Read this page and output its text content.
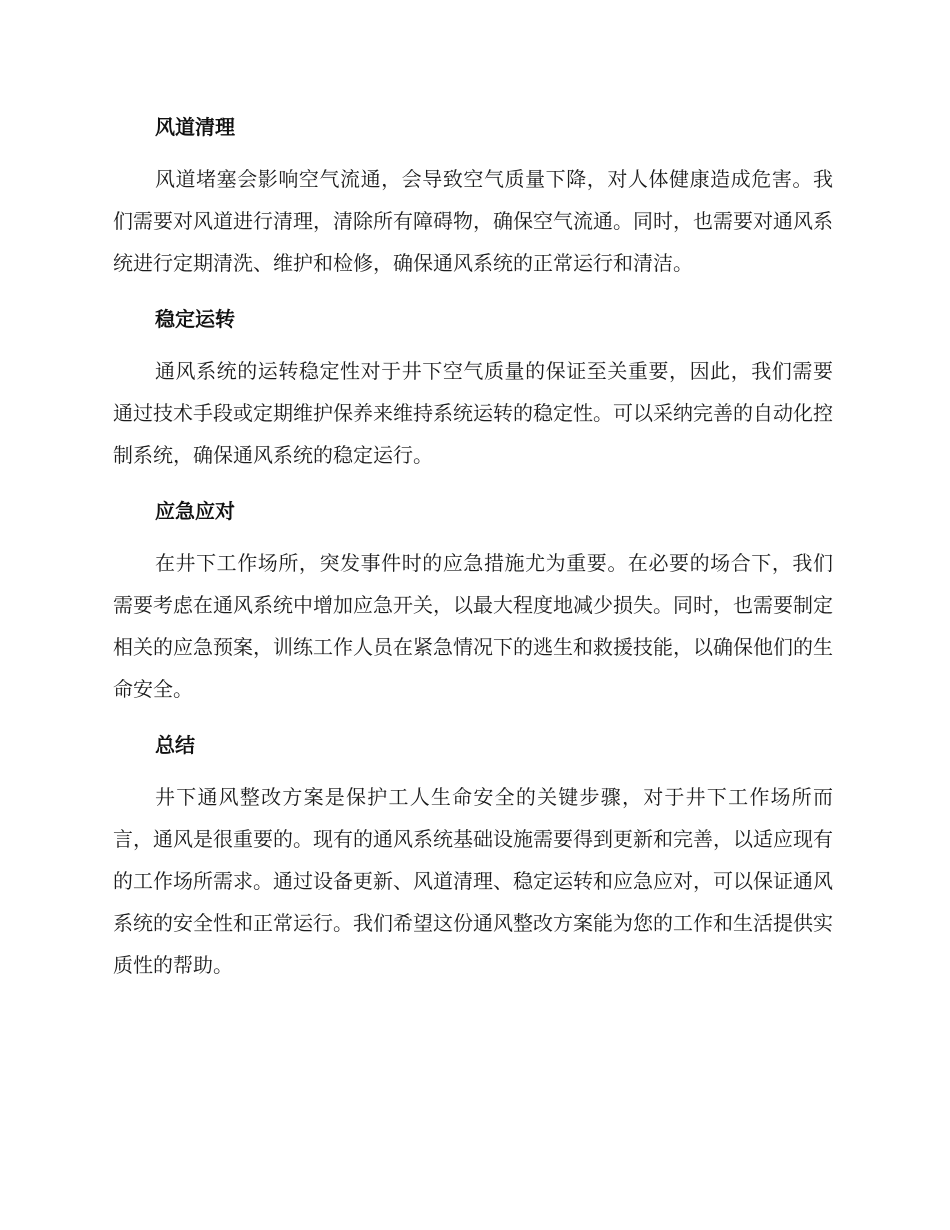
风道清理

风道堵塞会影响空气流通，会导致空气质量下降，对人体健康造成危害。我们需要对风道进行清理，清除所有障碍物，确保空气流通。同时，也需要对通风系统进行定期清洗、维护和检修，确保通风系统的正常运行和清洁。

稳定运转

通风系统的运转稳定性对于井下空气质量的保证至关重要，因此，我们需要通过技术手段或定期维护保养来维持系统运转的稳定性。可以采纳完善的自动化控制系统，确保通风系统的稳定运行。

应急应对

在井下工作场所，突发事件时的应急措施尤为重要。在必要的场合下，我们需要考虑在通风系统中增加应急开关，以最大程度地减少损失。同时，也需要制定相关的应急预案，训练工作人员在紧急情况下的逃生和救援技能，以确保他们的生命安全。

总结

井下通风整改方案是保护工人生命安全的关键步骤，对于井下工作场所而言，通风是很重要的。现有的通风系统基础设施需要得到更新和完善，以适应现有的工作场所需求。通过设备更新、风道清理、稳定运转和应急应对，可以保证通风系统的安全性和正常运行。我们希望这份通风整改方案能为您的工作和生活提供实质性的帮助。
